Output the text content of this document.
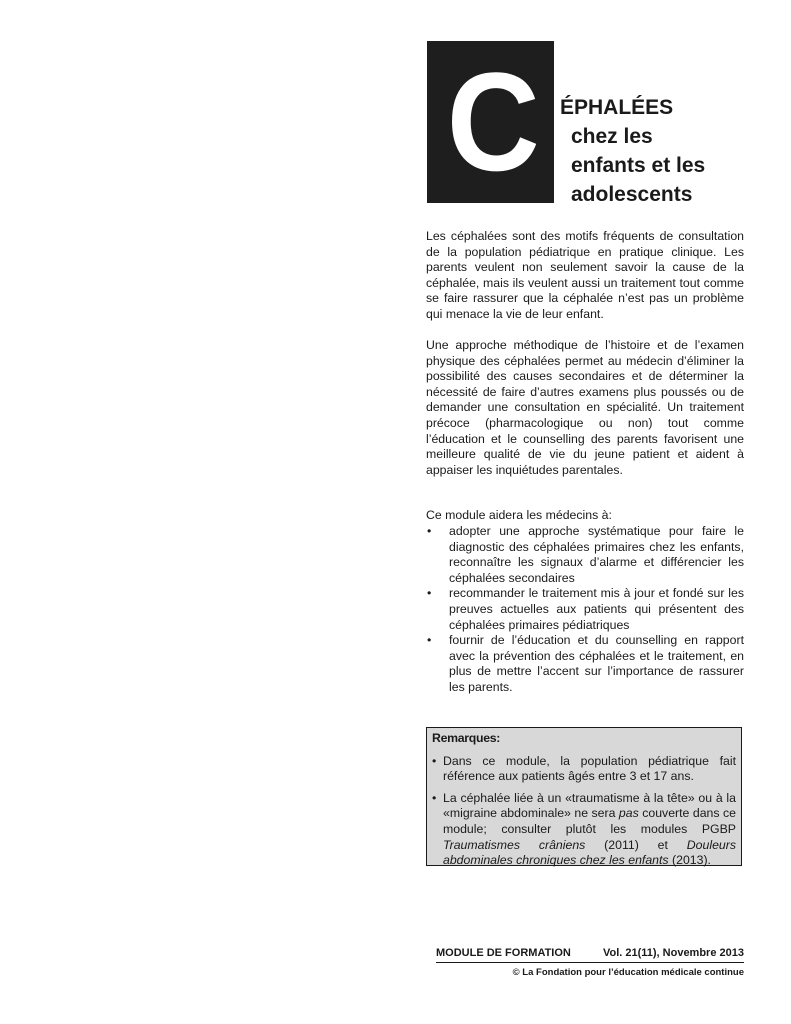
C	ÉPHALÉES
chez les
enfants et les
adolescents

Les céphalées sont des motifs fréquents de consultation de la population pédiatrique en pratique clinique. Les parents veulent non seulement savoir la cause de la céphalée, mais ils veulent aussi un traitement tout comme se faire rassurer que la céphalée n’est pas un problème qui menace la vie de leur enfant.

Une approche méthodique de l’histoire et de l’examen physique des céphalées permet au médecin d’éliminer la possibilité des causes secondaires et de déterminer la nécessité de faire d’autres examens plus poussés ou de demander une consultation en spécialité. Un traitement précoce (pharmacologique ou non) tout comme l’éducation et le counselling des parents favorisent une meilleure qualité de vie du jeune patient et aident à appaiser les inquiétudes parentales.

Ce module aidera les médecins à:

• adopter une approche systématique pour faire le diagnostic des céphalées primaires chez les enfants, reconnaître les signaux d’alarme et différencier les céphalées secondaires
• recommander le traitement mis à jour et fondé sur les preuves actuelles aux patients qui présentent des céphalées primaires pédiatriques
• fournir de l’éducation et du counselling en rapport avec la prévention des céphalées et le traitement, en plus de mettre l’accent sur l’importance de rassurer les parents.
Remarques:
• Dans ce module, la population pédiatrique fait référence aux patients âgés entre 3 et 17 ans.
• La céphalée liée à un «traumatisme à la tête» ou à la «migraine abdominale» ne sera pas couverte dans ce module; consulter plutôt les modules PGBP Traumatismes crâniens (2011) et Douleurs abdominales chroniques chez les enfants (2013).
MODULE DE FORMATION	Vol. 21(11), Novembre 2013
© La Fondation pour l’éducation médicale continue
